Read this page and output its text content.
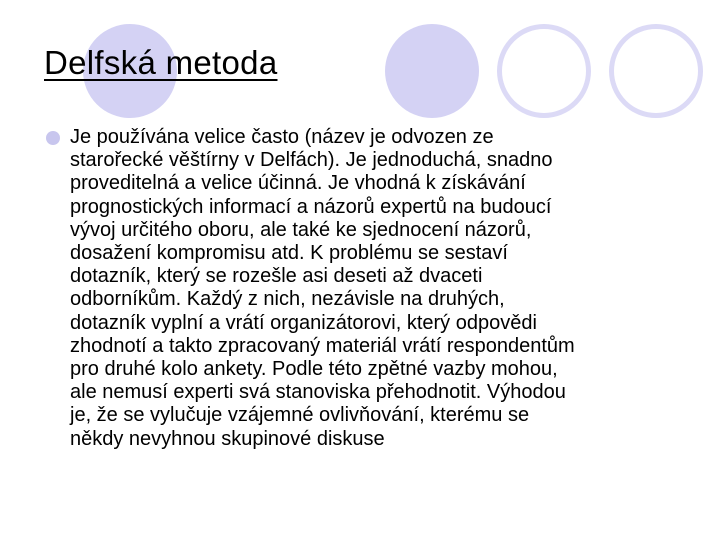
Delfská metoda
Je používána velice často (název je odvozen ze
starořecké věštírny v Delfách). Je jednoduchá, snadno
proveditelná a velice účinná. Je vhodná k získávání
prognostických informací a názorů expertů na budoucí
vývoj určitého oboru, ale také ke sjednocení názorů,
dosažení kompromisu atd. K problému se sestaví
dotazník, který se rozešle asi deseti až dvaceti
odborníkům. Každý z nich, nezávisle na druhých,
dotazník vyplní a vrátí organizátorovi, který odpovědi
zhodnotí a takto zpracovaný materiál vrátí respondentům
pro druhé kolo ankety. Podle této zpětné vazby mohou,
ale nemusí experti svá stanoviska přehodnotit. Výhodou
je, že se vylučuje vzájemné ovlivňování, kterému se
někdy nevyhnou skupinové diskuse
